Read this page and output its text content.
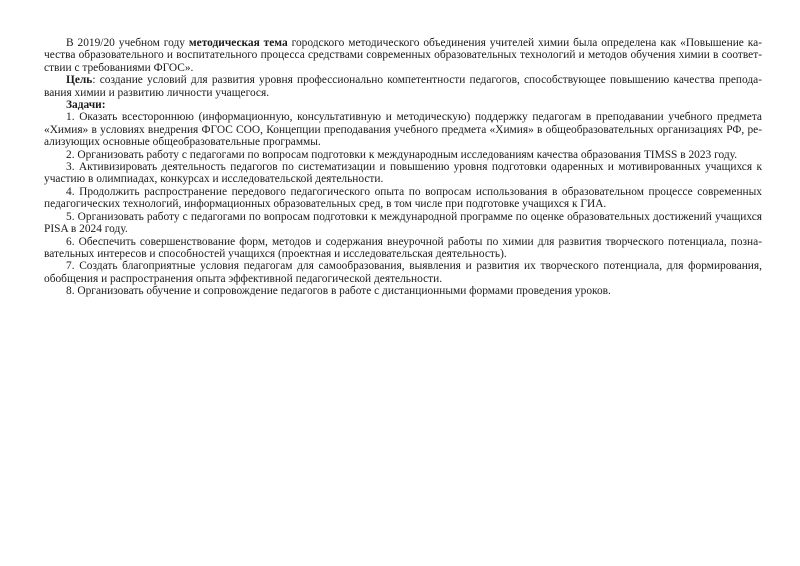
В 2019/20 учебном году методическая тема городского методического объединения учителей химии была определена как «Повышение качества образовательного и воспитательного процесса средствами современных образовательных технологий и методов обучения химии в соответствии с требованиями ФГОС».

Цель: создание условий для развития уровня профессионально компетентности педагогов, способствующее повышению качества преподавания химии и развитию личности учащегося.

Задачи:

1. Оказать всестороннюю (информационную, консультативную и методическую) поддержку педагогам в преподавании учебного предмета «Химия» в условиях внедрения ФГОС СОО, Концепции преподавания учебного предмета «Химия» в общеобразовательных организациях РФ, реализующих основные общеобразовательные программы.

2. Организовать работу с педагогами по вопросам подготовки к международным исследованиям качества образования TIMSS в 2023 году.

3. Активизировать деятельность педагогов по систематизации и повышению уровня подготовки одаренных и мотивированных учащихся к участию в олимпиадах, конкурсах и исследовательской деятельности.

4. Продолжить распространение передового педагогического опыта по вопросам использования в образовательном процессе современных педагогических технологий, информационных образовательных сред, в том числе при подготовке учащихся к ГИА.

5. Организовать работу с педагогами по вопросам подготовки к международной программе по оценке образовательных достижений учащихся PISA в 2024 году.

6. Обеспечить совершенствование форм, методов и содержания внеурочной работы по химии для развития творческого потенциала, познавательных интересов и способностей учащихся (проектная и исследовательская деятельность).

7. Создать благоприятные условия педагогам для самообразования, выявления и развития их творческого потенциала, для формирования, обобщения и распространения опыта эффективной педагогической деятельности.

8. Организовать обучение и сопровождение педагогов в работе с дистанционными формами проведения уроков.
